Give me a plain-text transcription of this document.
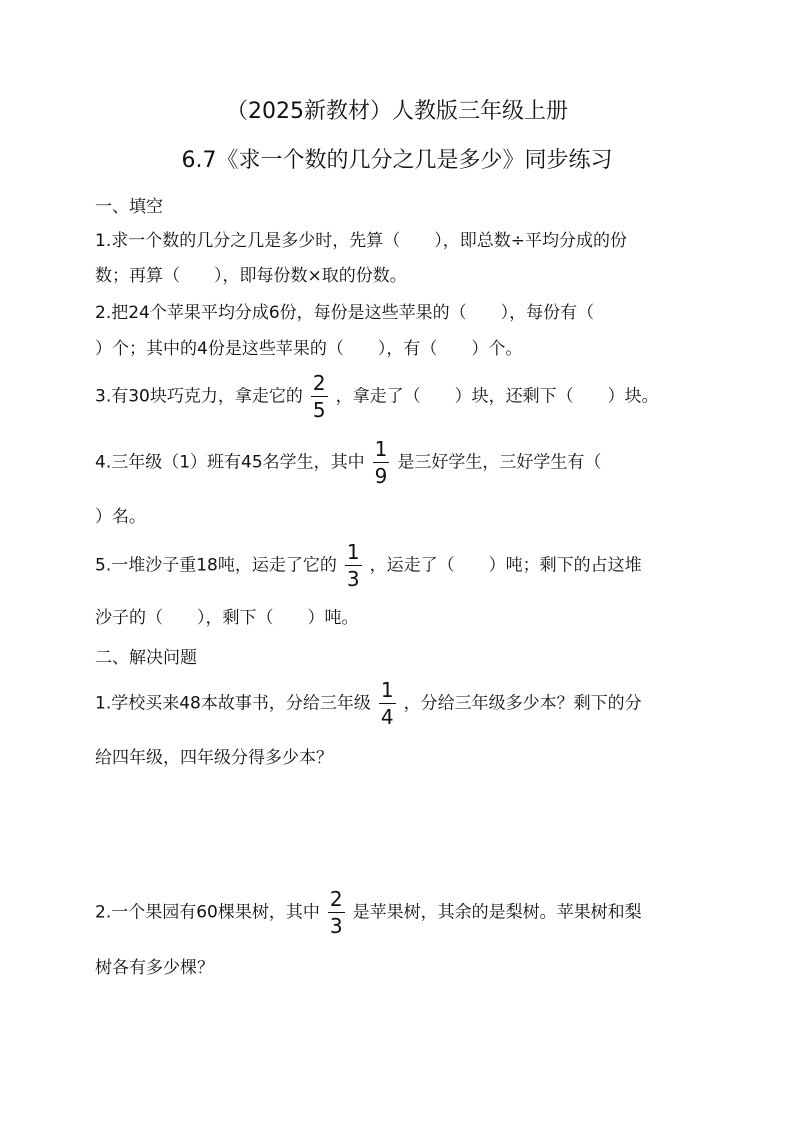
（2025新教材）人教版三年级上册
6.7《求一个数的几分之几是多少》同步练习
一、填空
1.求一个数的几分之几是多少时，先算（　　），即总数÷平均分成的份
数；再算（　　），即每份数×取的份数。
2.把24个苹果平均分成6份，每份是这些苹果的（　　），每份有（
）个；其中的4份是这些苹果的（　　），有（　　）个。
3.有30块巧克力，拿走它的 $\frac{2}{5}$ ，拿走了（　　）块，还剩下（　　）块。
4.三年级（1）班有45名学生，其中 $\frac{1}{9}$ 是三好学生，三好学生有（
）名。
5.一堆沙子重18吨，运走了它的 $\frac{1}{3}$ ，运走了（　　）吨；剩下的占这堆
沙子的（　　），剩下（　　）吨。
二、解决问题
1.学校买来48本故事书，分给三年级 $\frac{1}{4}$ ，分给三年级多少本？剩下的分
给四年级，四年级分得多少本？
2.一个果园有60棵果树，其中 $\frac{2}{3}$ 是苹果树，其余的是梨树。苹果树和梨
树各有多少棵？
